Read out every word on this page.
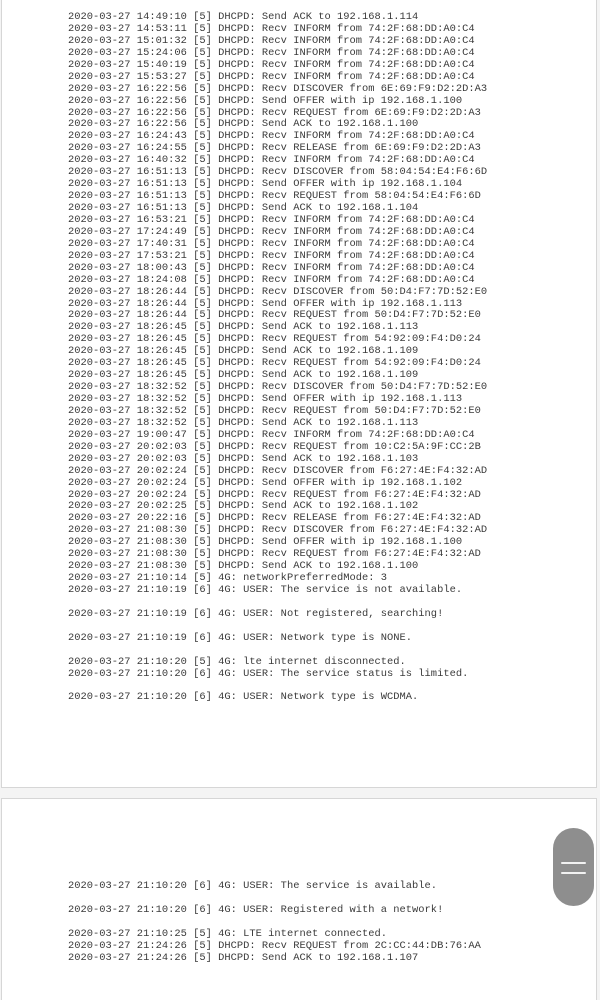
2020-03-27 14:49:10 [5] DHCPD: Send ACK to 192.168.1.114
2020-03-27 14:53:11 [5] DHCPD: Recv INFORM from 74:2F:68:DD:A0:C4
2020-03-27 15:01:32 [5] DHCPD: Recv INFORM from 74:2F:68:DD:A0:C4
2020-03-27 15:24:06 [5] DHCPD: Recv INFORM from 74:2F:68:DD:A0:C4
2020-03-27 15:40:19 [5] DHCPD: Recv INFORM from 74:2F:68:DD:A0:C4
2020-03-27 15:53:27 [5] DHCPD: Recv INFORM from 74:2F:68:DD:A0:C4
2020-03-27 16:22:56 [5] DHCPD: Recv DISCOVER from 6E:69:F9:D2:2D:A3
2020-03-27 16:22:56 [5] DHCPD: Send OFFER with ip 192.168.1.100
2020-03-27 16:22:56 [5] DHCPD: Recv REQUEST from 6E:69:F9:D2:2D:A3
2020-03-27 16:22:56 [5] DHCPD: Send ACK to 192.168.1.100
2020-03-27 16:24:43 [5] DHCPD: Recv INFORM from 74:2F:68:DD:A0:C4
2020-03-27 16:24:55 [5] DHCPD: Recv RELEASE from 6E:69:F9:D2:2D:A3
2020-03-27 16:40:32 [5] DHCPD: Recv INFORM from 74:2F:68:DD:A0:C4
2020-03-27 16:51:13 [5] DHCPD: Recv DISCOVER from 58:04:54:E4:F6:6D
2020-03-27 16:51:13 [5] DHCPD: Send OFFER with ip 192.168.1.104
2020-03-27 16:51:13 [5] DHCPD: Recv REQUEST from 58:04:54:E4:F6:6D
2020-03-27 16:51:13 [5] DHCPD: Send ACK to 192.168.1.104
2020-03-27 16:53:21 [5] DHCPD: Recv INFORM from 74:2F:68:DD:A0:C4
2020-03-27 17:24:49 [5] DHCPD: Recv INFORM from 74:2F:68:DD:A0:C4
2020-03-27 17:40:31 [5] DHCPD: Recv INFORM from 74:2F:68:DD:A0:C4
2020-03-27 17:53:21 [5] DHCPD: Recv INFORM from 74:2F:68:DD:A0:C4
2020-03-27 18:00:43 [5] DHCPD: Recv INFORM from 74:2F:68:DD:A0:C4
2020-03-27 18:24:08 [5] DHCPD: Recv INFORM from 74:2F:68:DD:A0:C4
2020-03-27 18:26:44 [5] DHCPD: Recv DISCOVER from 50:D4:F7:7D:52:E0
2020-03-27 18:26:44 [5] DHCPD: Send OFFER with ip 192.168.1.113
2020-03-27 18:26:44 [5] DHCPD: Recv REQUEST from 50:D4:F7:7D:52:E0
2020-03-27 18:26:45 [5] DHCPD: Send ACK to 192.168.1.113
2020-03-27 18:26:45 [5] DHCPD: Recv REQUEST from 54:92:09:F4:D0:24
2020-03-27 18:26:45 [5] DHCPD: Send ACK to 192.168.1.109
2020-03-27 18:26:45 [5] DHCPD: Recv REQUEST from 54:92:09:F4:D0:24
2020-03-27 18:26:45 [5] DHCPD: Send ACK to 192.168.1.109
2020-03-27 18:32:52 [5] DHCPD: Recv DISCOVER from 50:D4:F7:7D:52:E0
2020-03-27 18:32:52 [5] DHCPD: Send OFFER with ip 192.168.1.113
2020-03-27 18:32:52 [5] DHCPD: Recv REQUEST from 50:D4:F7:7D:52:E0
2020-03-27 18:32:52 [5] DHCPD: Send ACK to 192.168.1.113
2020-03-27 19:00:47 [5] DHCPD: Recv INFORM from 74:2F:68:DD:A0:C4
2020-03-27 20:02:03 [5] DHCPD: Recv REQUEST from 10:C2:5A:9F:CC:2B
2020-03-27 20:02:03 [5] DHCPD: Send ACK to 192.168.1.103
2020-03-27 20:02:24 [5] DHCPD: Recv DISCOVER from F6:27:4E:F4:32:AD
2020-03-27 20:02:24 [5] DHCPD: Send OFFER with ip 192.168.1.102
2020-03-27 20:02:24 [5] DHCPD: Recv REQUEST from F6:27:4E:F4:32:AD
2020-03-27 20:02:25 [5] DHCPD: Send ACK to 192.168.1.102
2020-03-27 20:22:16 [5] DHCPD: Recv RELEASE from F6:27:4E:F4:32:AD
2020-03-27 21:08:30 [5] DHCPD: Recv DISCOVER from F6:27:4E:F4:32:AD
2020-03-27 21:08:30 [5] DHCPD: Send OFFER with ip 192.168.1.100
2020-03-27 21:08:30 [5] DHCPD: Recv REQUEST from F6:27:4E:F4:32:AD
2020-03-27 21:08:30 [5] DHCPD: Send ACK to 192.168.1.100
2020-03-27 21:10:14 [5] 4G: networkPreferredMode: 3
2020-03-27 21:10:19 [6] 4G: USER: The service is not available.
2020-03-27 21:10:19 [6] 4G: USER: Not registered, searching!
2020-03-27 21:10:19 [6] 4G: USER: Network type is NONE.
2020-03-27 21:10:20 [5] 4G: lte internet disconnected.
2020-03-27 21:10:20 [6] 4G: USER: The service status is limited.
2020-03-27 21:10:20 [6] 4G: USER: Network type is WCDMA.
2020-03-27 21:10:20 [6] 4G: USER: The service is available.
2020-03-27 21:10:20 [6] 4G: USER: Registered with a network!
2020-03-27 21:10:25 [5] 4G: LTE internet connected.
2020-03-27 21:24:26 [5] DHCPD: Recv REQUEST from 2C:CC:44:DB:76:AA
2020-03-27 21:24:26 [5] DHCPD: Send ACK to 192.168.1.107
